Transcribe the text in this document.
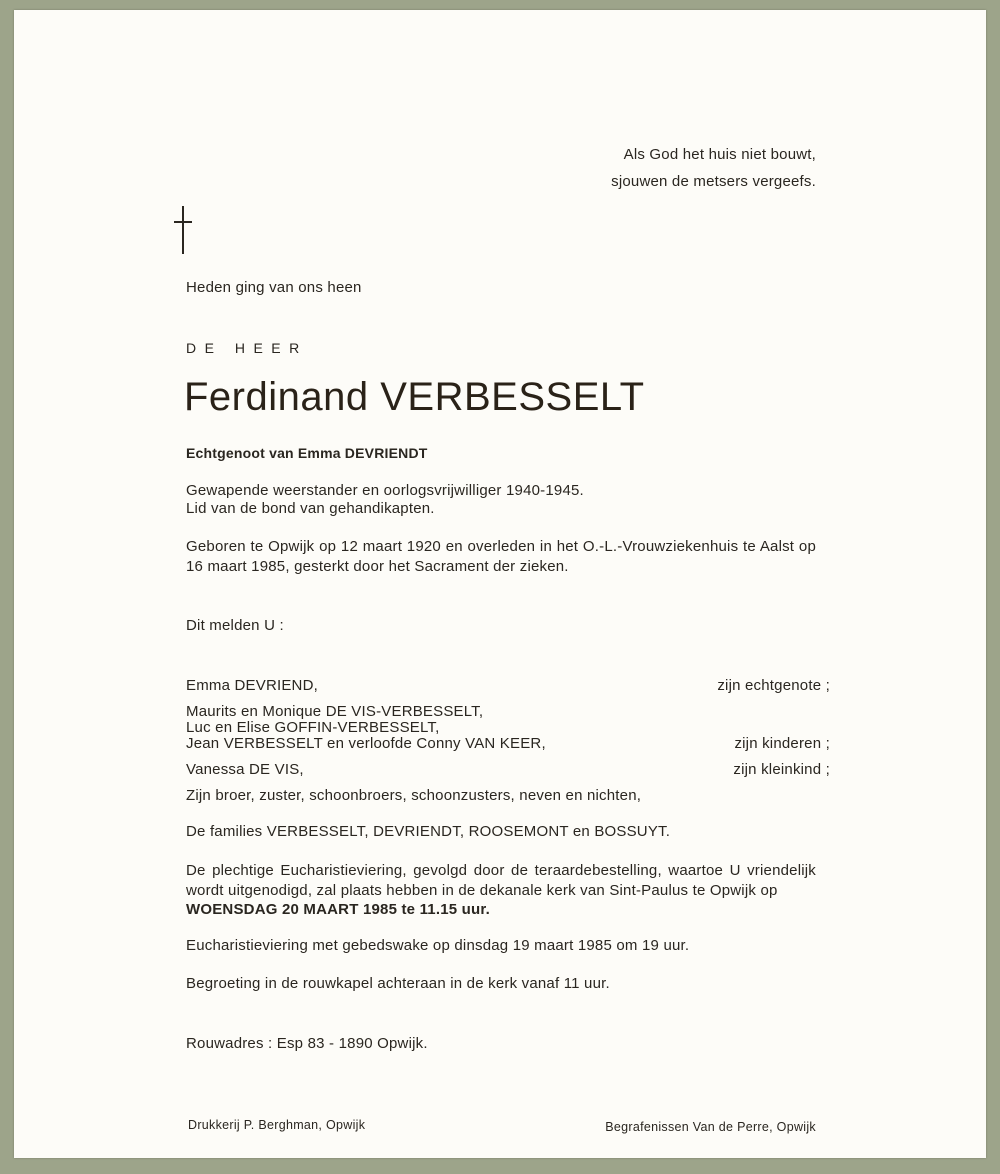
Als God het huis niet bouwt,
sjouwen de metsers vergeefs.
Heden ging van ons heen
DE HEER
Ferdinand VERBESSELT
Echtgenoot van Emma DEVRIENDT
Gewapende weerstander en oorlogsvrijwilliger 1940-1945.
Lid van de bond van gehandikapten.
Geboren te Opwijk op 12 maart 1920 en overleden in het O.-L.-Vrouwziekenhuis te Aalst op 16 maart 1985, gesterkt door het Sacrament der zieken.
Dit melden U :
Emma DEVRIEND,	zijn echtgenote ;
Maurits en Monique DE VIS-VERBESSELT,
Luc en Elise GOFFIN-VERBESSELT,
Jean VERBESSELT en verloofde Conny VAN KEER,	zijn kinderen ;
Vanessa DE VIS,	zijn kleinkind ;
Zijn broer, zuster, schoonbroers, schoonzusters, neven en nichten,
De families VERBESSELT, DEVRIENDT, ROOSEMONT en BOSSUYT.
De plechtige Eucharistieviering, gevolgd door de teraardebestelling, waartoe U vriendelijk wordt uitgenodigd, zal plaats hebben in de dekanale kerk van Sint-Paulus te Opwijk op
WOENSDAG 20 MAART 1985 te 11.15 uur.
Eucharistieviering met gebedswake op dinsdag 19 maart 1985 om 19 uur.
Begroeting in de rouwkapel achteraan in de kerk vanaf 11 uur.
Rouwadres : Esp 83 - 1890 Opwijk.
Drukkerij P. Berghman, Opwijk	Begrafenissen Van de Perre, Opwijk
